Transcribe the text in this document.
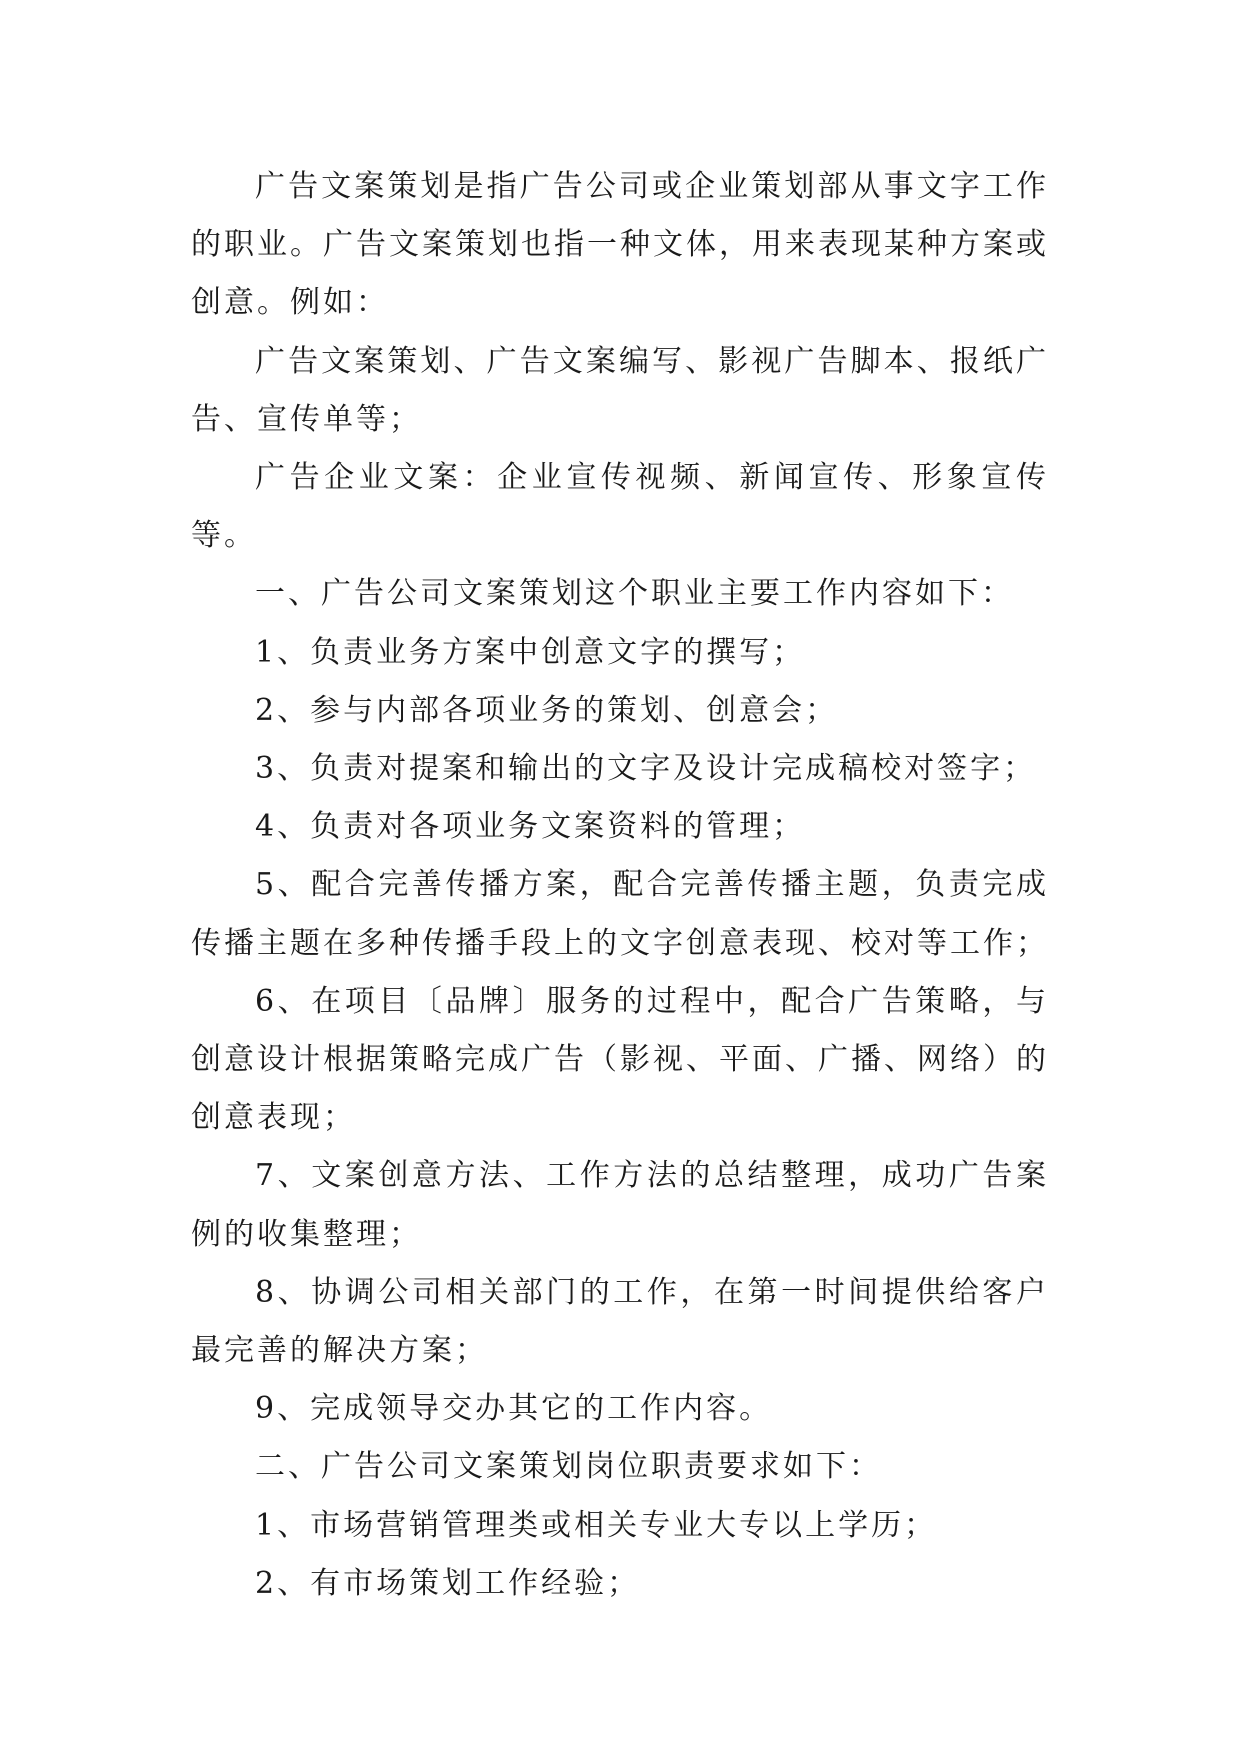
广告文案策划是指广告公司或企业策划部从事文字工作的职业。广告文案策划也指一种文体，用来表现某种方案或创意。例如：

广告文案策划、广告文案编写、影视广告脚本、报纸广告、宣传单等；

广告企业文案：企业宣传视频、新闻宣传、形象宣传等。

一、广告公司文案策划这个职业主要工作内容如下：

1、负责业务方案中创意文字的撰写；

2、参与内部各项业务的策划、创意会；

3、负责对提案和输出的文字及设计完成稿校对签字；

4、负责对各项业务文案资料的管理；

5、配合完善传播方案，配合完善传播主题，负责完成传播主题在多种传播手段上的文字创意表现、校对等工作；

6、在项目〔品牌〕服务的过程中，配合广告策略，与创意设计根据策略完成广告（影视、平面、广播、网络）的创意表现；

7、文案创意方法、工作方法的总结整理，成功广告案例的收集整理；

8、协调公司相关部门的工作，在第一时间提供给客户最完善的解决方案；

9、完成领导交办其它的工作内容。

二、广告公司文案策划岗位职责要求如下：

1、市场营销管理类或相关专业大专以上学历；

2、有市场策划工作经验；
